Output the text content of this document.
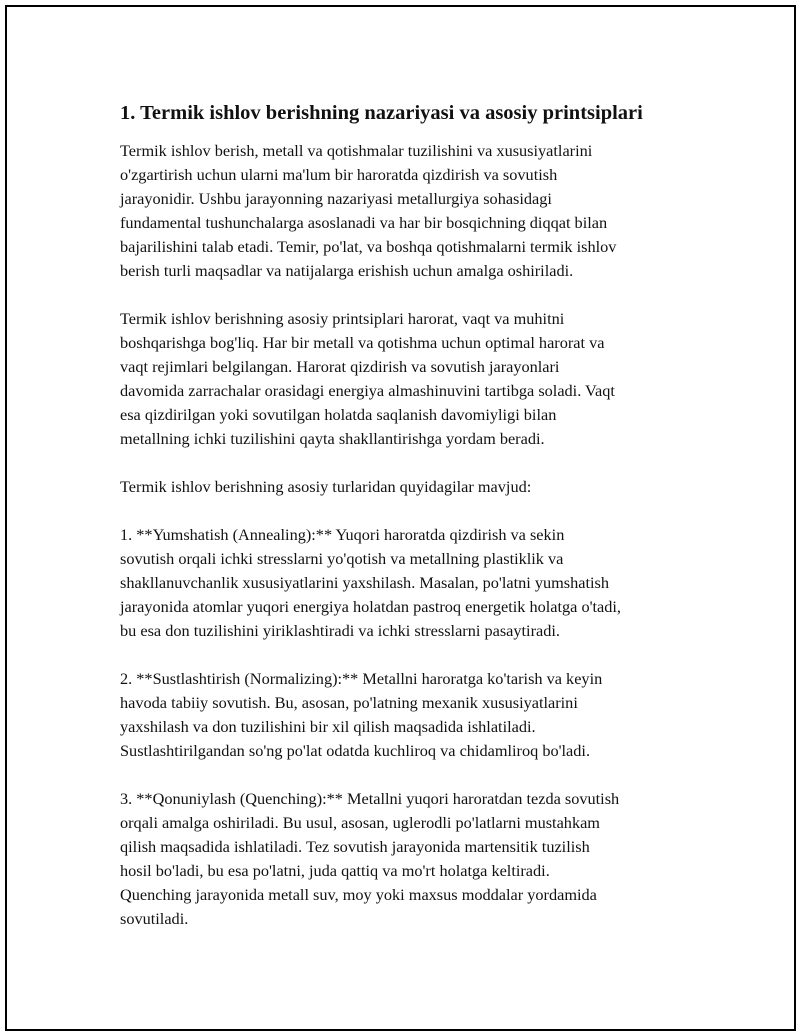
1. Termik ishlov berishning nazariyasi va asosiy printsiplari

Termik ishlov berish, metall va qotishmalar tuzilishini va xususiyatlarini
o'zgartirish uchun ularni ma'lum bir haroratda qizdirish va sovutish
jarayonidir. Ushbu jarayonning nazariyasi metallurgiya sohasidagi
fundamental tushunchalarga asoslanadi va har bir bosqichning diqqat bilan
bajarilishini talab etadi. Temir, po'lat, va boshqa qotishmalarni termik ishlov
berish turli maqsadlar va natijalarga erishish uchun amalga oshiriladi.

Termik ishlov berishning asosiy printsiplari harorat, vaqt va muhitni
boshqarishga bog'liq. Har bir metall va qotishma uchun optimal harorat va
vaqt rejimlari belgilangan. Harorat qizdirish va sovutish jarayonlari
davomida zarrachalar orasidagi energiya almashinuvini tartibga soladi. Vaqt
esa qizdirilgan yoki sovutilgan holatda saqlanish davomiyligi bilan
metallning ichki tuzilishini qayta shakllantirishga yordam beradi.

Termik ishlov berishning asosiy turlaridan quyidagilar mavjud:

1. **Yumshatish (Annealing):** Yuqori haroratda qizdirish va sekin
sovutish orqali ichki stresslarni yo'qotish va metallning plastiklik va
shakllanuvchanlik xususiyatlarini yaxshilash. Masalan, po'latni yumshatish
jarayonida atomlar yuqori energiya holatdan pastroq energetik holatga o'tadi,
bu esa don tuzilishini yiriklashtiradi va ichki stresslarni pasaytiradi.

2. **Sustlashtirish (Normalizing):** Metallni haroratga ko'tarish va keyin
havoda tabiiy sovutish. Bu, asosan, po'latning mexanik xususiyatlarini
yaxshilash va don tuzilishini bir xil qilish maqsadida ishlatiladi.
Sustlashtirilgandan so'ng po'lat odatda kuchliroq va chidamliroq bo'ladi.

3. **Qonuniylash (Quenching):** Metallni yuqori haroratdan tezda sovutish
orqali amalga oshiriladi. Bu usul, asosan, uglerodli po'latlarni mustahkam
qilish maqsadida ishlatiladi. Tez sovutish jarayonida martensitik tuzilish
hosil bo'ladi, bu esa po'latni, juda qattiq va mo'rt holatga keltiradi.
Quenching jarayonida metall suv, moy yoki maxsus moddalar yordamida
sovutiladi.
